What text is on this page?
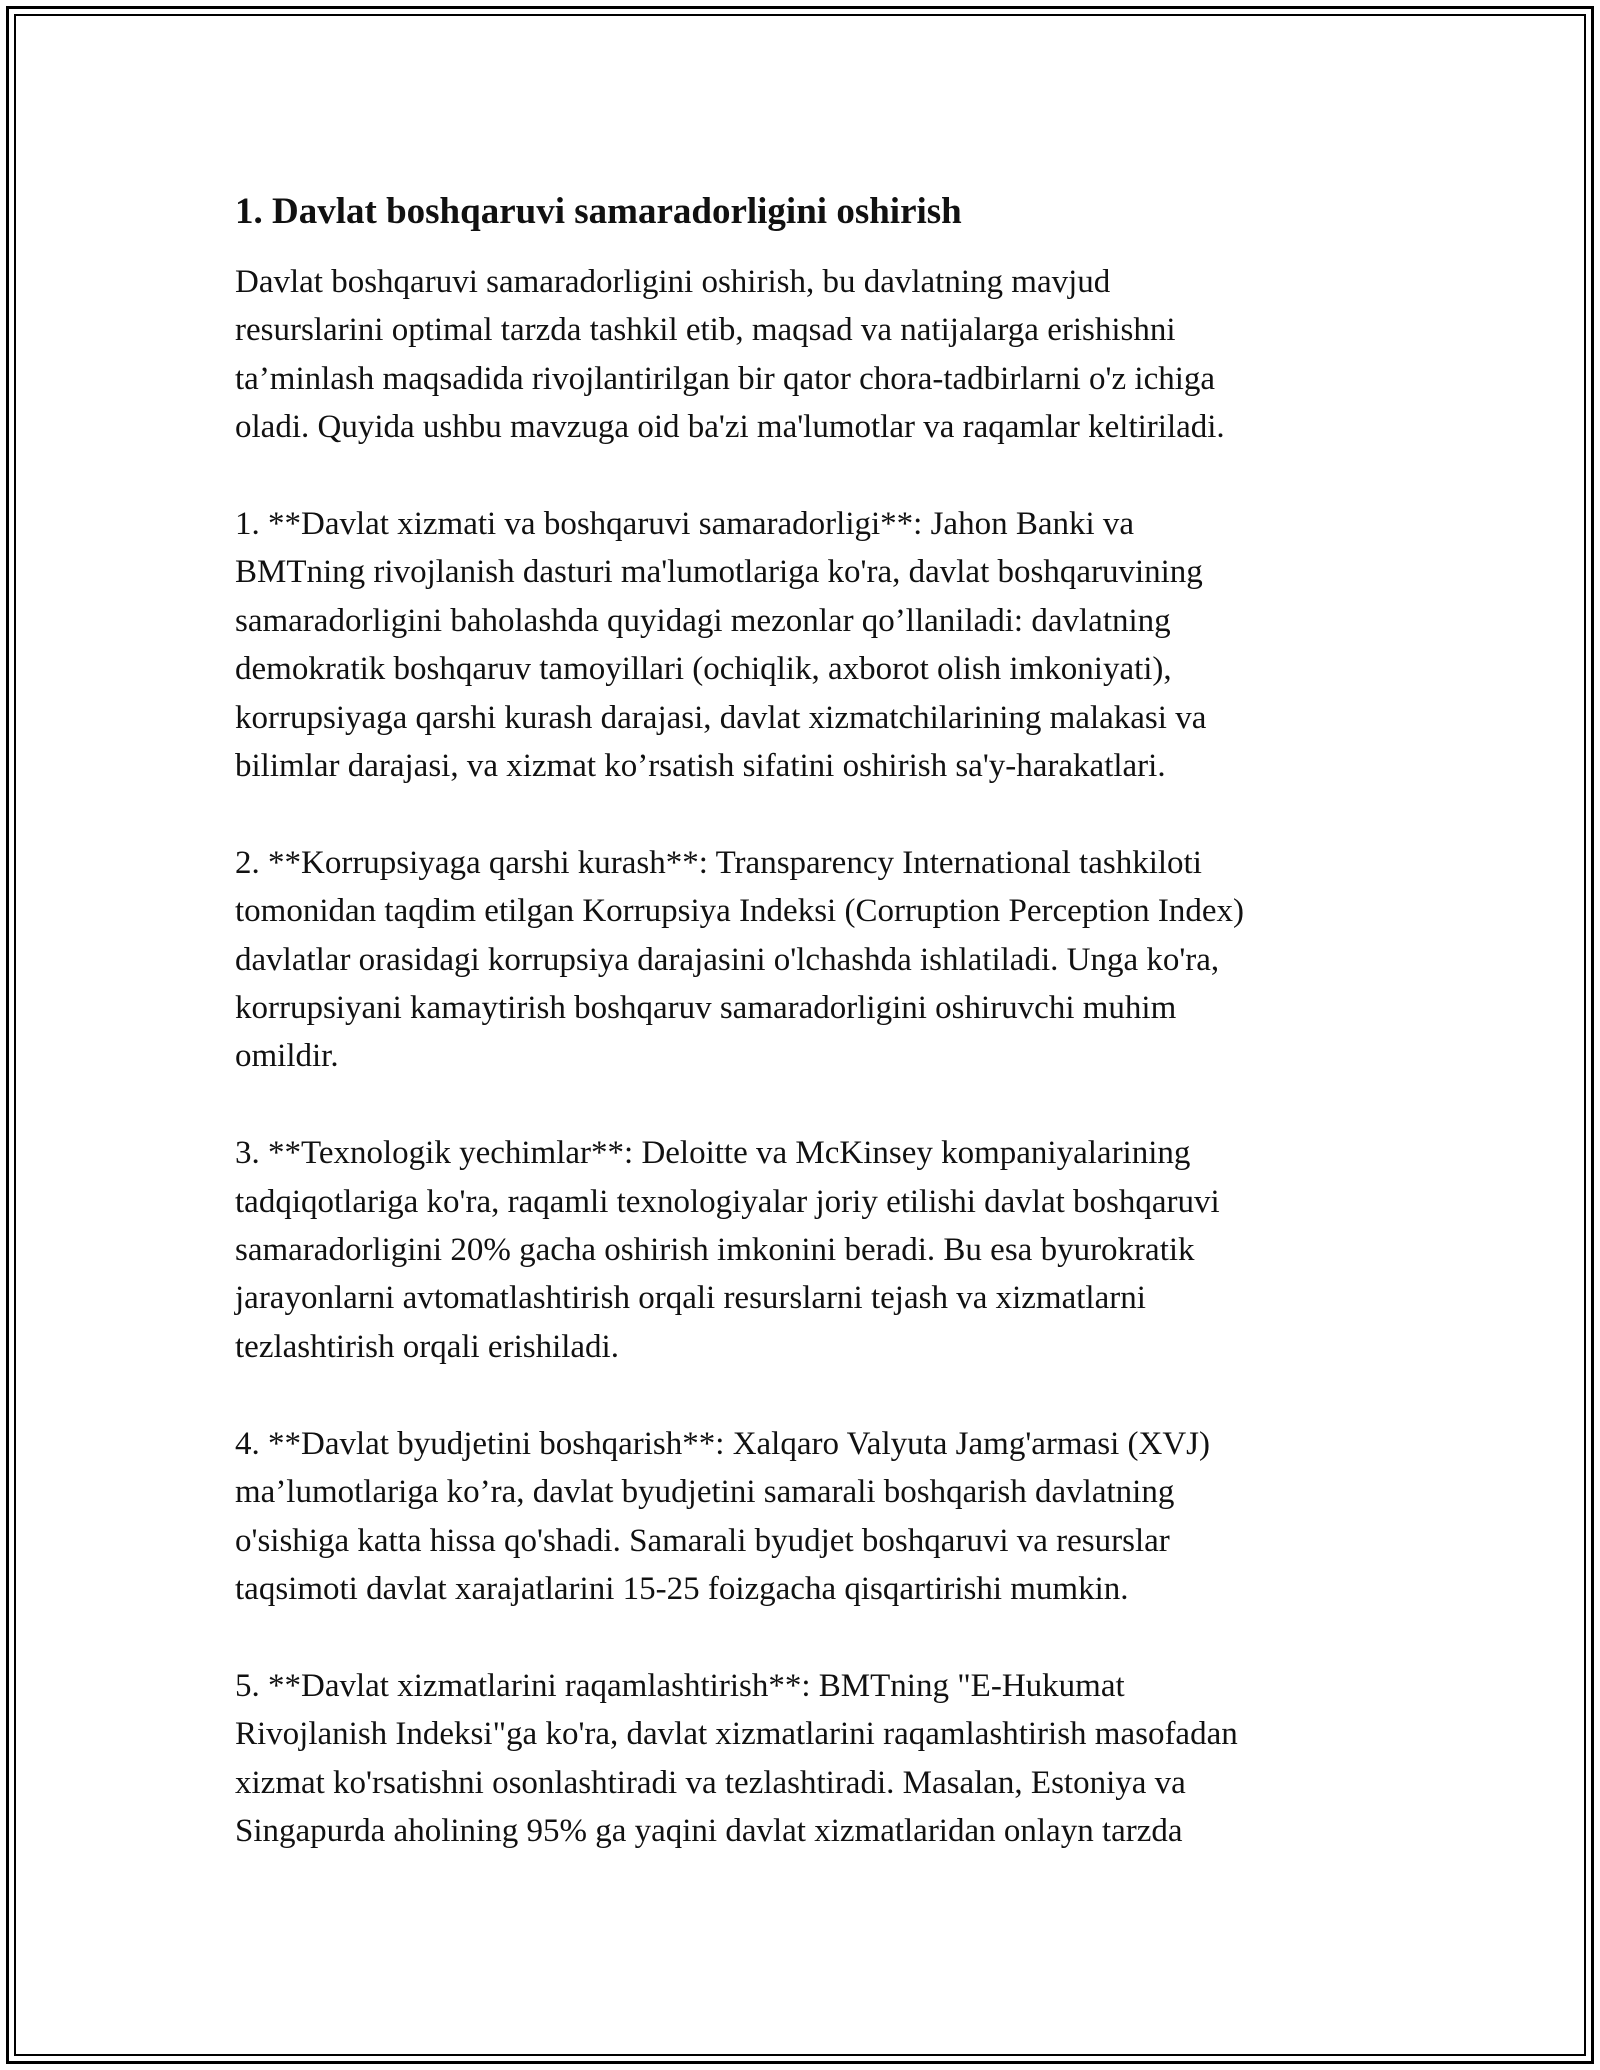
1. Davlat boshqaruvi samaradorligini oshirish

Davlat boshqaruvi samaradorligini oshirish, bu davlatning mavjud
resurslarini optimal tarzda tashkil etib, maqsad va natijalarga erishishni
ta’minlash maqsadida rivojlantirilgan bir qator chora-tadbirlarni o'z ichiga
oladi. Quyida ushbu mavzuga oid ba'zi ma'lumotlar va raqamlar keltiriladi.

1. **Davlat xizmati va boshqaruvi samaradorligi**: Jahon Banki va
BMTning rivojlanish dasturi ma'lumotlariga ko'ra, davlat boshqaruvining
samaradorligini baholashda quyidagi mezonlar qo’llaniladi: davlatning
demokratik boshqaruv tamoyillari (ochiqlik, axborot olish imkoniyati),
korrupsiyaga qarshi kurash darajasi, davlat xizmatchilarining malakasi va
bilimlar darajasi, va xizmat ko’rsatish sifatini oshirish sa'y-harakatlari.

2. **Korrupsiyaga qarshi kurash**: Transparency International tashkiloti
tomonidan taqdim etilgan Korrupsiya Indeksi (Corruption Perception Index)
davlatlar orasidagi korrupsiya darajasini o'lchashda ishlatiladi. Unga ko'ra,
korrupsiyani kamaytirish boshqaruv samaradorligini oshiruvchi muhim
omildir.

3. **Texnologik yechimlar**: Deloitte va McKinsey kompaniyalarining
tadqiqotlariga ko'ra, raqamli texnologiyalar joriy etilishi davlat boshqaruvi
samaradorligini 20% gacha oshirish imkonini beradi. Bu esa byurokratik
jarayonlarni avtomatlashtirish orqali resurslarni tejash va xizmatlarni
tezlashtirish orqali erishiladi.

4. **Davlat byudjetini boshqarish**: Xalqaro Valyuta Jamg'armasi (XVJ)
ma’lumotlariga ko’ra, davlat byudjetini samarali boshqarish davlatning
o'sishiga katta hissa qo'shadi. Samarali byudjet boshqaruvi va resurslar
taqsimoti davlat xarajatlarini 15-25 foizgacha qisqartirishi mumkin.

5. **Davlat xizmatlarini raqamlashtirish**: BMTning "E-Hukumat
Rivojlanish Indeksi"ga ko'ra, davlat xizmatlarini raqamlashtirish masofadan
xizmat ko'rsatishni osonlashtiradi va tezlashtiradi. Masalan, Estoniya va
Singapurda aholining 95% ga yaqini davlat xizmatlaridan onlayn tarzda
